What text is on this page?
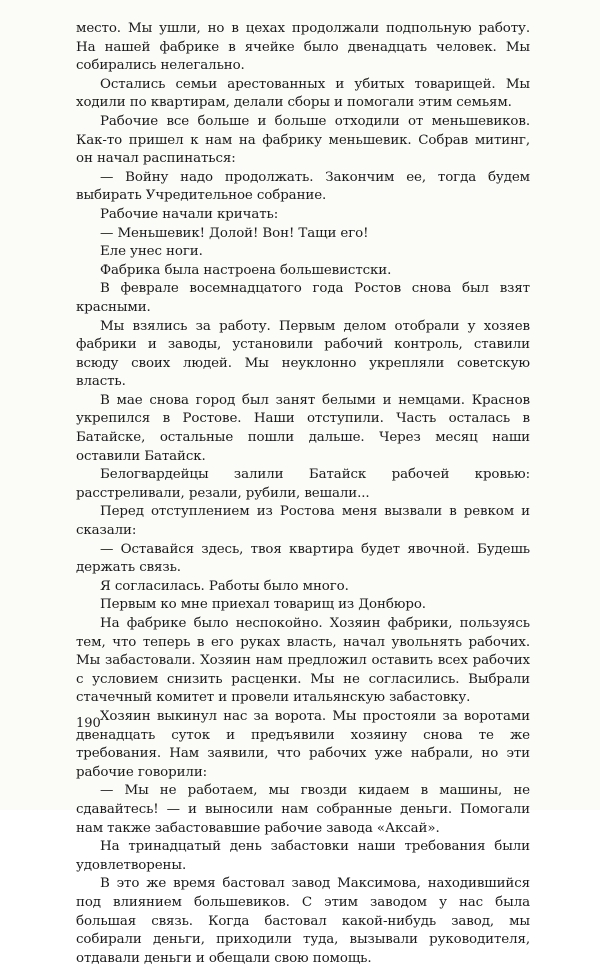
место. Мы ушли, но в цехах продолжали подпольную работу. На нашей фабрике в ячейке было двенадцать человек. Мы собирались нелегально.

Остались семьи арестованных и убитых товарищей. Мы ходили по квартирам, делали сборы и помогали этим семьям.

Рабочие все больше и больше отходили от меньшевиков. Как-то пришел к нам на фабрику меньшевик. Собрав митинг, он начал распинаться:

— Войну надо продолжать. Закончим ее, тогда будем выбирать Учредительное собрание.

Рабочие начали кричать:

— Меньшевик! Долой! Вон! Тащи его!

Еле унес ноги.

Фабрика была настроена большевистски.

В феврале восемнадцатого года Ростов снова был взят красными.

Мы взялись за работу. Первым делом отобрали у хозяев фабрики и заводы, установили рабочий контроль, ставили всюду своих людей. Мы неуклонно укрепляли советскую власть.

В мае снова город был занят белыми и немцами. Краснов укрепился в Ростове. Наши отступили. Часть осталась в Батайске, остальные пошли дальше. Через месяц наши оставили Батайск.

Белогвардейцы залили Батайск рабочей кровью: расстреливали, резали, рубили, вешали...

Перед отступлением из Ростова меня вызвали в ревком и сказали:

— Оставайся здесь, твоя квартира будет явочной. Будешь держать связь.

Я согласилась. Работы было много.

Первым ко мне приехал товарищ из Донбюро.

На фабрике было неспокойно. Хозяин фабрики, пользуясь тем, что теперь в его руках власть, начал увольнять рабочих. Мы забастовали. Хозяин нам предложил оставить всех рабочих с условием снизить расценки. Мы не согласились. Выбрали стачечный комитет и провели итальянскую забастовку.

Хозяин выкинул нас за ворота. Мы простояли за воротами двенадцать суток и предъявили хозяину снова те же требования. Нам заявили, что рабочих уже набрали, но эти рабочие говорили:

— Мы не работаем, мы гвозди кидаем в машины, не сдавайтесь! — и выносили нам собранные деньги. Помогали нам также забастовавшие рабочие завода «Аксай».

На тринадцатый день забастовки наши требования были удовлетворены.

В это же время бастовал завод Максимова, находившийся под влиянием большевиков. С этим заводом у нас была большая связь. Когда бастовал какой-нибудь завод, мы собирали деньги, приходили туда, вызывали руководителя, отдавали деньги и обещали свою помощь.

190
